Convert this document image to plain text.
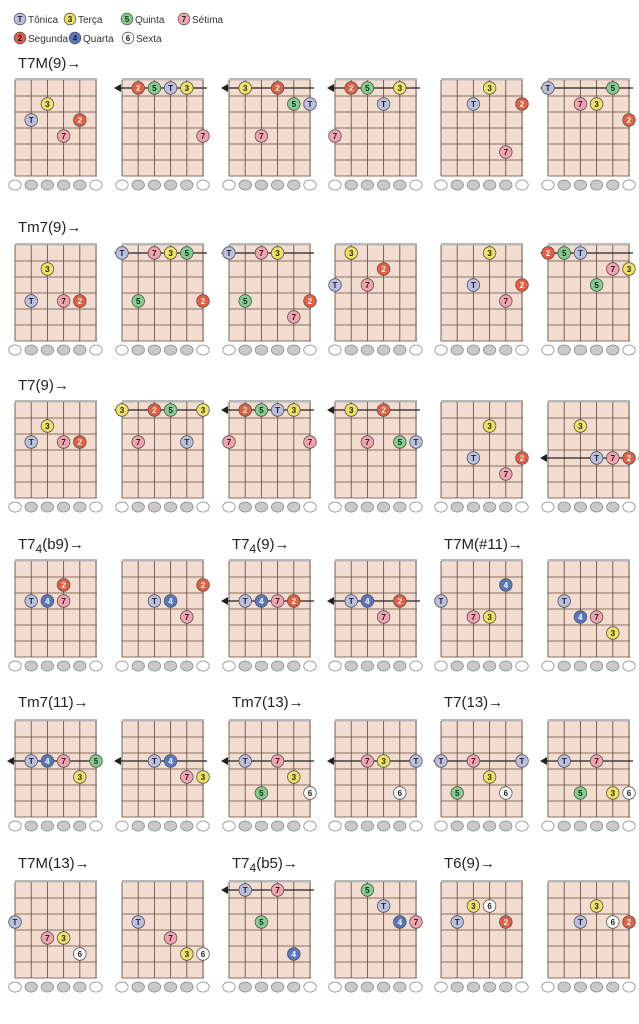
T Tônica 3 Terça	5 Quinta 7 Sétima
2 Segunda 4 Quarta 6 Sexta
T7M(9)→
3
T	2
7
2 5 T 3
7
3	2
5 T
7
2 5	3
T
7
3
T	2
7
T	5
7 3
2
Tm7(9)→
3
T	7 2
T	7 3 5
5	2
T	7 3
5	2
7
3
2
T	7
3
T	2
7
2 5 T
7 3
5
T7(9)→
3
T	7 2
3	2 5	3
7	T
2 5 T 3
7	7
3	2
7	5 T
3
T	2
7
3
T 7 2
$T7_4(b9)\to$	$T7_4(9)\to$	T7M(#11)→
2
T 4 7
2
T 4
7
T 4 7 2	T 4	2
7
4
T
7 3
T
4 7
3
Tm7(11)→	Tm7(13)→	T7(13)→
T 4 7	5
3
T 4
7 3
T	7
3
5	6
7 3	T
6
T	7	T
3
5	6
T	7
5	3 6
T7M(13)→	$T7_4(b5)\to$	T6(9)→
T
7 3
6
T
7
3 6
T	7
5
4
5
T
4 7
3 6
T	2
3
T	6 2
